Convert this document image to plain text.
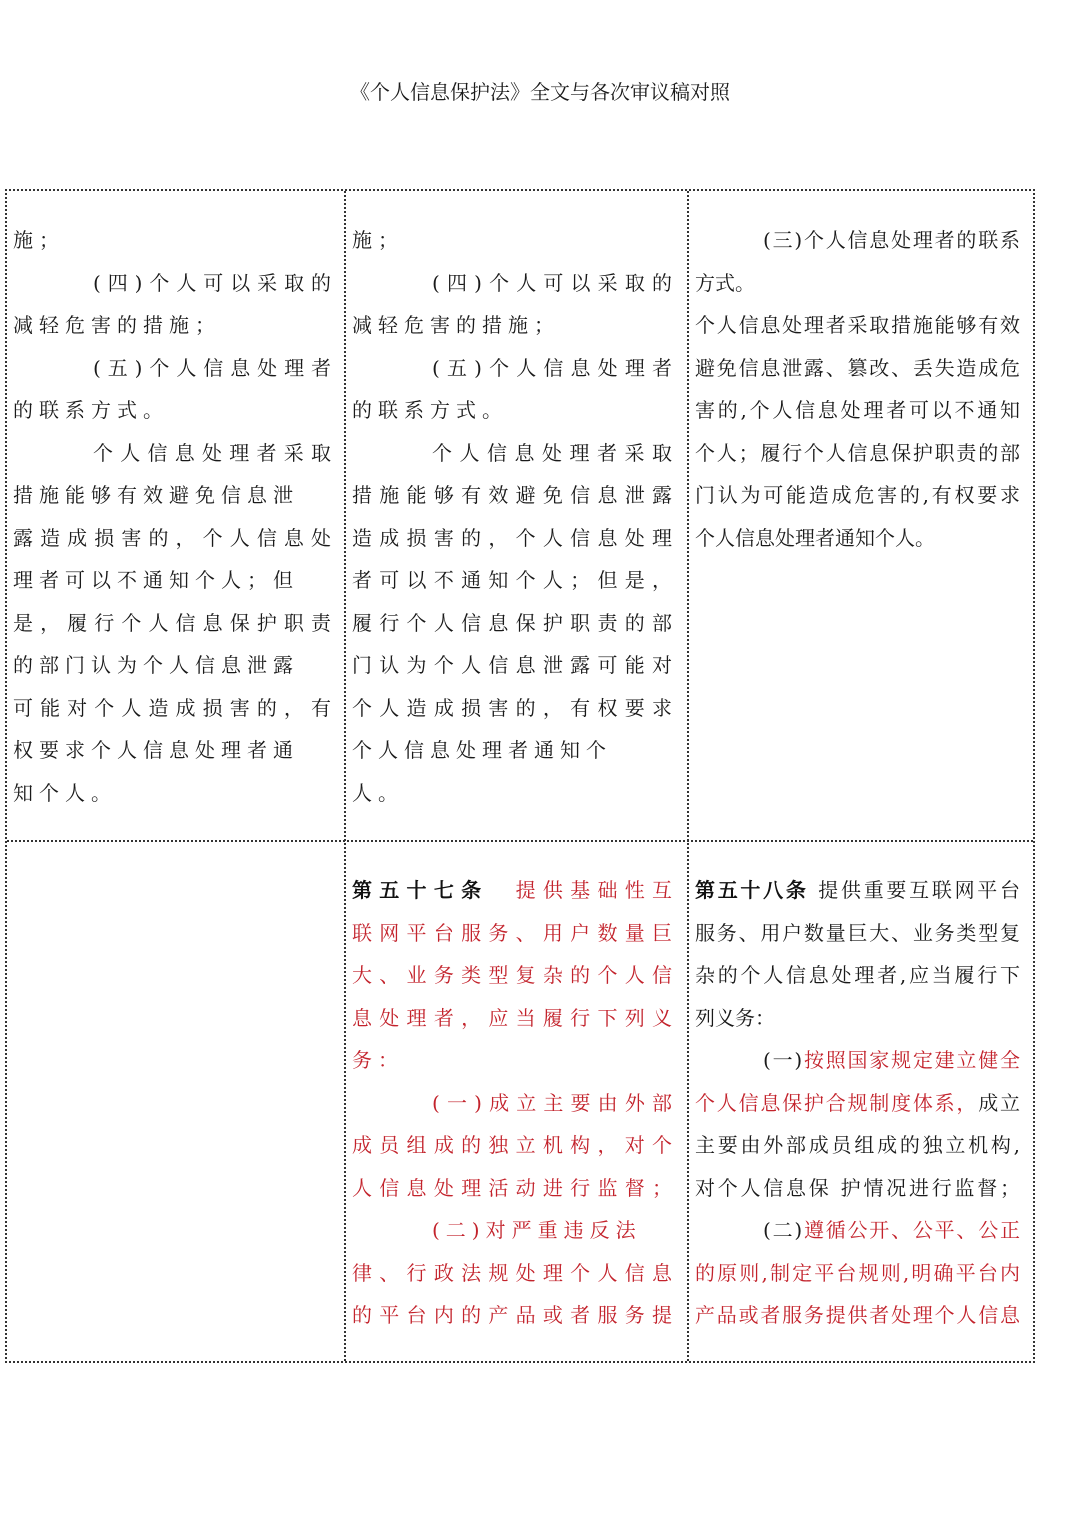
《个人信息保护法》全文与各次审议稿对照
施；
(四)个人可以采取的
减轻危害的措施；
(五)个人信息处理者
的联系方式。
个人信息处理者采取
措施能够有效避免信息泄
露造成损害的，个人信息处
理者可以不通知个人；但
是，履行个人信息保护职责
的部门认为个人信息泄露
可能对个人造成损害的，有
权要求个人信息处理者通
知个人。
施；
(四)个人可以采取的
减轻危害的措施；
(五)个人信息处理者
的联系方式。
个人信息处理者采取
措施能够有效避免信息泄露
造成损害的，个人信息处理
者可以不通知个人；但是，
履行个人信息保护职责的部
门认为个人信息泄露可能对
个人造成损害的，有权要求
个人信息处理者通知个
人。
(三)个人信息处理者的联系
方式。
个人信息处理者采取措施能够有效
避免信息泄露、篡改、丢失造成危
害的,个人信息处理者可以不通知
个人；履行个人信息保护职责的部
门认为可能造成危害的,有权要求
个人信息处理者通知个人。
第五十七条　提供基础性互
联网平台服务、用户数量巨
大、业务类型复杂的个人信
息处理者，应当履行下列义
务：
(一)成立主要由外部
成员组成的独立机构，对个
人信息处理活动进行监督；
(二)对严重违反法
律、行政法规处理个人信息
的平台内的产品或者服务提
第五十八条 提供重要互联网平台
服务、用户数量巨大、业务类型复
杂的个人信息处理者,应当履行下
列义务：
(一)按照国家规定建立健全
个人信息保护合规制度体系，成立
主要由外部成员组成的独立机构,
对个人信息保 护情况进行监督；
(二)遵循公开、公平、公正
的原则,制定平台规则,明确平台内
产品或者服务提供者处理个人信息
